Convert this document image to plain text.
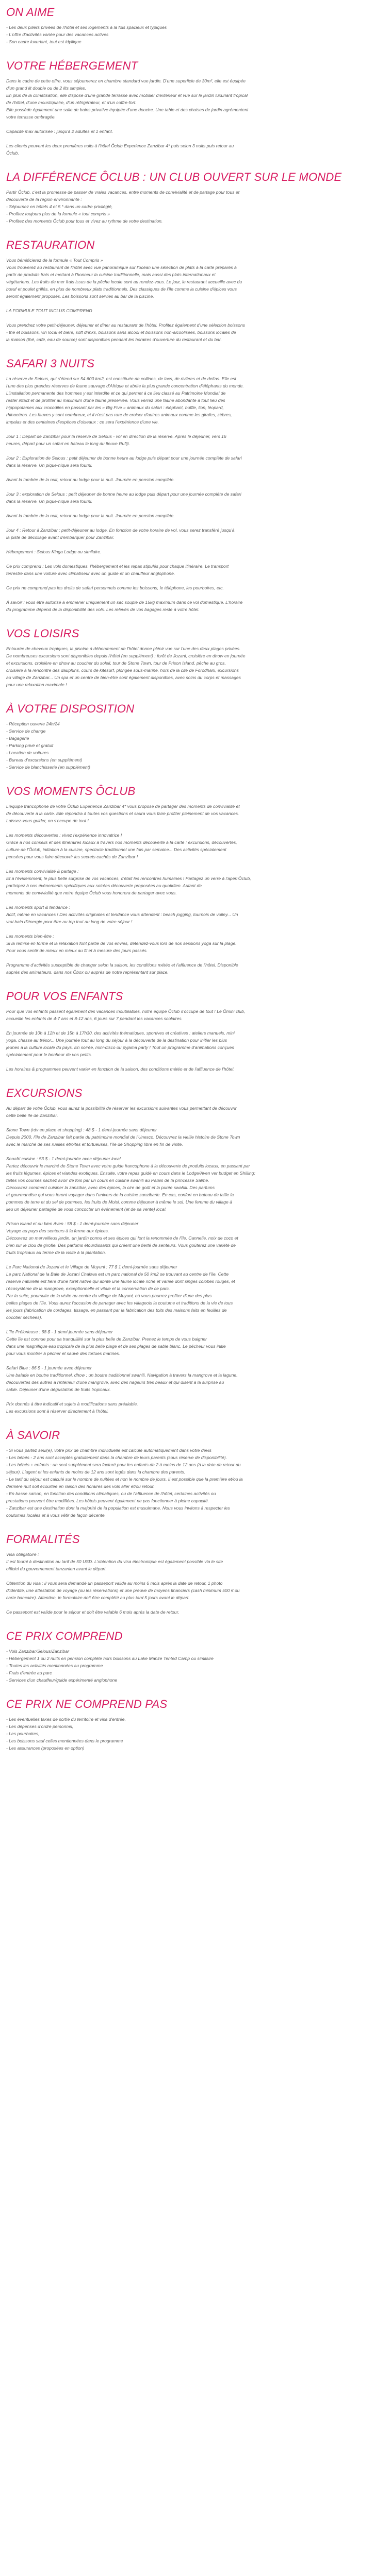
ON AIME

- Les deux piliers privées de l'hôtel et ses logements à la fois spacieux et typiques

- L'offre d'activités variée pour des vacances actives

- Son cadre luxuriant, tout est idyllique

VOTRE HÉBERGEMENT

Dans le cadre de cette offre, vous séjournerez en chambre standard vue jardin. D'une superficie de 30m², elle est équipée

d'un grand lit double ou de 2 lits simples.

En plus de la climatisation, elle dispose d'une grande terrasse avec mobilier d'extérieur et vue sur le jardin luxuriant tropical

de l'hôtel, d'une moustiquaire, d'un réfrigérateur, et d'un coffre-fort.

Elle possède également une salle de bains privative équipée d'une douche. Une table et des chaises de jardin agrémentent

votre terrasse ombragée.

Capacité max autorisée : jusqu'à 2 adultes et 1 enfant.

Les clients peuvent les deux premières nuits à l'hôtel Ôclub Experience Zanzibar 4* puis selon 3 nuits puis retour au

Ôclub.

LA DIFFÉRENCE ÔCLUB : UN CLUB OUVERT SUR LE MONDE

Partir Ôclub, c'est la promesse de passer de vraies vacances, entre moments de convivialité et de partage pour tous et

découverte de la région environnante :

- Séjournez en hôtels 4 et 5 * dans un cadre privilégié,

- Profitez toujours plus de la formule « tout compris »

- Profitez des moments Ôclub pour tous et vivez au rythme de votre destination.

RESTAURATION

Vous bénéficierez de la formule « Tout Compris »

Vous trouverez au restaurant de l'hôtel avec vue panoramique sur l'océan une sélection de plats à la carte préparés à

partir de produits frais et mettant à l'honneur la cuisine traditionnelle, mais aussi des plats internationaux et

végétariens. Les fruits de mer frais issus de la pêche locale sont au rendez-vous. Le jour, le restaurant accueille avec du

bœuf et poulet grillés, en plus de nombreux plats traditionnels. Des classiques de l'île comme la cuisine d'épices vous

seront également proposés. Les boissons sont servies au bar de la piscine.

LA FORMULE TOUT INCLUS COMPREND

Vous prendrez votre petit-déjeuner, déjeuner et dîner au restaurant de l'hôtel. Profitez également d'une sélection boissons

- thé et boissons, vin local et bière, soft drinks, boissons sans alcool et boissons non-alcoolisées, boissons locales de

la maison (thé, café, eau de source) sont disponibles pendant les horaires d'ouverture du restaurant et du bar.

SAFARI 3 NUITS

La réserve de Selous, qui s'étend sur 54 600 km2, est constituée de collines, de lacs, de rivières et de deltas. Elle est

l'une des plus grandes réserves de faune sauvage d'Afrique et abrite la plus grande concentration d'éléphants du monde.

L'installation permanente des hommes y est interdite et ce qui permet à ce lieu classé au Patrimoine Mondial de

rester intact et de profiter au maximum d'une faune préservée. Vous verrez une faune abondante à tout lieu des

hippopotames aux crocodiles en passant par les « Big Five » animaux du safari : éléphant, buffle, lion, léopard,

rhinocéros. Les fauves y sont nombreux, et il n'est pas rare de croiser d'autres animaux comme les girafes, zèbres,

impalas et des centaines d'espèces d'oiseaux : ce sera l'expérience d'une vie.

Jour 1 : Départ de Zanzibar pour la réserve de Selous - vol en direction de la réserve. Après le déjeuner, vers 16

heures, départ pour un safari en bateau le long du fleuve Rufiji.

Jour 2 : Exploration de Selous : petit déjeuner de bonne heure au lodge puis départ pour une journée complète de safari

dans la réserve. Un pique-nique sera fourni.

Avant la tombée de la nuit, retour au lodge pour la nuit. Journée en pension complète.

Jour 3 : exploration de Selous : petit déjeuner de bonne heure au lodge puis départ pour une journée complète de safari

dans la réserve. Un pique-nique sera fourni.

Avant la tombée de la nuit, retour au lodge pour la nuit. Journée en pension complète.

Jour 4 : Retour à Zanzibar : petit-déjeuner au lodge. En fonction de votre horaire de vol, vous serez transféré jusqu'à

la piste de décollage avant d'embarquer pour Zanzibar.

Hébergement : Selous Kinga Lodge ou similaire.

Ce prix comprend : Les vols domestiques, l'hébergement et les repas stipulés pour chaque itinéraire. Le transport

terrestre dans une voiture avec climatiseur avec un guide et un chauffeur anglophone.

Ce prix ne comprend pas les droits de safari personnels comme les boissons, le téléphone, les pourboires, etc.

À savoir : vous être autorisé à emmener uniquement un sac souple de 15kg maximum dans ce vol domestique. L'horaire

du programme dépend de la disponibilité des vols. Les relevés de vos bagages reste à votre hôtel.

VOS LOISIRS

Entourée de cheveux tropiques, la piscine à débordement de l'hôtel donne plénir vue sur l'une des deux plages privées.

De nombreuses excursions sont disponibles depuis l'hôtel (en supplément) : forêt de Jozani, croisière en dhow en journée

et excursions, croisière en dhow au coucher du soleil, tour de Stone Town, tour de Prison Island, pêche au gros,

croisière à la rencontre des dauphins, cours de kitesurf, plongée sous-marine, hors de la cité de Forodhani, excursions

au village de Zanzibar... Un spa et un centre de bien-être sont également disponibles, avec soins du corps et massages

pour une relaxation maximale !

À VOTRE DISPOSITION

- Réception ouverte 24h/24

- Service de change

- Bagagerie

- Parking privé et gratuit

- Location de voitures

- Bureau d'excursions (en supplément)

- Service de blanchisserie (en supplément)

VOS MOMENTS ÔCLUB

L'équipe francophone de votre Ôclub Experience Zanzibar 4* vous propose de partager des moments de convivialité et

de découverte à la carte. Elle répondra à toutes vos questions et saura vous faire profiter pleinement de vos vacances.

Laissez-vous guider, on s'occupe de tout !

Les moments découvertes : vivez l'expérience innovatrice !

Grâce à nos conseils et des itinéraires locaux à travers nos moments découverte à la carte : excursions, découvertes,

culture de l'Ôclub, initiation à la cuisine, spectacle traditionnel une fois par semaine... Des activités spécialement

pensées pour vous faire découvrir les secrets cachés de Zanzibar !

Les moments convivialité & partage :

Et à l'évidemment, le plus belle surprise de vos vacances, c'était les rencontres humaines ! Partagez un verre à l'apéri'Ôclub,

participez à nos événements spécifiques aux soirées découverte proposées au quotidien. Autant de

moments de convivialité que notre équipe Ôclub vous honorera de partager avec vous.

Les moments sport & tendance :

Actif, même en vacances ! Des activités originales et tendance vous attendent : beach jogging, tournois de volley... Un

vrai bain d'énergie pour être au top tout au long de votre séjour !

Les moments bien-être :

Si la remise en forme et la relaxation font partie de vos envies, détendez-vous lors de nos sessions yoga sur la plage.

Pour vous sentir de mieux en mieux au fil et à mesure des jours passés.

Programme d'activités susceptible de changer selon la saison, les conditions météo et l'affluence de l'hôtel. Disponible

auprès des animateurs, dans nos Ôbox ou auprès de notre représentant sur place.

POUR VOS ENFANTS

Pour que vos enfants passent également des vacances inoubliables, notre équipe Ôclub s'occupe de tout ! Le Ômini club,

accueille les enfants de 4-7 ans et 8-12 ans, 6 jours sur 7 pendant les vacances scolaires.

En journée de 10h à 12h et de 15h à 17h30, des activités thématiques, sportives et créatives : ateliers manuels, mini

yoga, chasse au trésor... Une journée tout au long du séjour à la découverte de la destination pour initier les plus

jeunes à la culture locale du pays. En soirée, mini-disco ou pyjama party ! Tout un programme d'animations conçues

spécialement pour le bonheur de vos petits.

Les horaires & programmes peuvent varier en fonction de la saison, des conditions météo et de l'affluence de l'hôtel.

EXCURSIONS

Au départ de votre Ôclub, vous aurez la possibilité de réserver les excursions suivantes vous permettant de découvrir

cette belle île de Zanzibar.

Stone Town (rdv en place et shopping) : 48 $ - 1 demi-journée sans déjeuner

Depuis 2000, l'île de Zanzibar fait partie du patrimoine mondial de l'Unesco. Découvrez la vieille histoire de Stone Town

avec le marché de ses ruelles étroites et tortueuses, l'île de Shopping libre en fin de visite.

Seaafri cuisine : 53 $ - 1 demi-journée avec déjeuner local

Partez découvrir le marché de Stone Town avec votre guide francophone à la découverte de produits locaux, en passant par

les fruits légumes, épices et viandes exotiques. Ensuite, votre repas guidé en cours dans le Lodge/Aven ver budget en Shilling;

faites vos courses sachez avoir de fois par un cours en cuisine swahili au Palais de la princesse Salme.

Découvrez comment cuisiner la zanzibar, avec des épices, la cire de goût et la purée swahili. Des parfums

et gourmandise qui vous feront voyager dans l'univers de la cuisine zanzibarie. En cas, confort en bateau de taille la

pommes de terre et du sel de pommes, les fruits de Moisi, comme déjeuner à même le sol. Une femme du village à

lieu un déjeuner partagée de vous concocter un événement (et de sa vente) local.

Prison island et ou bien Aven : 58 $ - 1 demi-journée sans déjeuner

Voyage au pays des senteurs à la ferme aux épices.

Découvrez un merveilleux jardin, un jardin connu et ses épices qui font la renommée de l'île. Cannelle, noix de coco et

bien sur le clou de girofle. Des parfums étourdissants qui créent une fierté de senteurs. Vous goûterez une variété de

fruits tropicaux au terme de la visite à la plantation.

Le Parc National de Jozani et le Village de Muyuni : 77 $ 1 demi-journée sans déjeuner

Le parc National de la Baie de Jozani Chakwa est un parc national de 50 km2 se trouvant au centre de l'île. Cette

réserve naturelle est fière d'une forêt native qui abrite une faune locale riche et variée dont singes colobes rouges, et

l'écosystème de la mangrove, exceptionnelle et vitale et la conservation de ce parc.

Par la suite, poursuite de la visite au centre du village de Muyuni, où vous pourrez profiter d'une des plus

belles plages de l'île. Vous aurez l'occasion de partager avec les villageois la coutume et traditions de la vie de tous

les jours (fabrication de cordages, tissage, en passant par la fabrication des toits des maisons faits en feuilles de

cocotier séchées).

L'île Prélorieuse : 68 $ - 1 demi-journée sans déjeuner

Cette île est connue pour sa tranquillité sur la plus belle de Zanzibar. Prenez le temps de vous baigner

dans une magnifique eau tropicale de la plus belle plage et de ses plages de sable blanc. Le pêcheur vous initie

pour vous montrer à pêcher et sauvé des tortues marines.

Safari Blue : 86 $ - 1 journée avec déjeuner

Une balade en boutre traditionnel, dhow ; un boutre traditionnel swahili. Navigation à travers la mangrove et la lagune,

découvertes des autres à l'intérieur d'une mangrove, avec des nageurs très beaux et qui disent à la surprise au

sable. Déjeuner d'une dégustation de fruits tropicaux.

Prix donnés à titre indicatif et sujets à modifications sans préalable.

Les excursions sont à réserver directement à l'hôtel.

À SAVOIR

- Si vous partez seul(e), votre prix de chambre individuelle est calculé automatiquement dans votre devis

- Les bébés - 2 ans sont acceptés gratuitement dans la chambre de leurs parents (sous réserve de disponibilité).

- Les bébés + enfants : un seul supplément sera facturé pour les enfants de 2 à moins de 12 ans (à la date de retour du

séjour). L'agent et les enfants de moins de 12 ans sont logés dans la chambre des parents.

- Le tarif du séjour est calculé sur le nombre de nuitées et non le nombre de jours. Il est possible que la première et/ou la

dernière nuit soit écourtée en raison des horaires des vols aller et/ou retour.

- En basse saison, en fonction des conditions climatiques, ou de l'affluence de l'hôtel, certaines activités ou

prestations peuvent être modifiées. Les hôtels peuvent également ne pas fonctionner à pleine capacité.

- Zanzibar est une destination dont la majorité de la population est musulmane. Nous vous invitons à respecter les

coutumes locales et à vous vêtir de façon décente.

FORMALITÉS

Visa obligatoire :

Il est fourni à destination au tarif de 50 USD. L'obtention du visa électronique est également possible via le site

officiel du gouvernement tanzanien avant le départ.

Obtention du visa : il vous sera demandé un passeport valide au moins 6 mois après la date de retour, 1 photo

d'identité, une attestation de voyage (ou les réservations) et une preuve de moyens financiers (cash minimum 500 € ou

carte bancaire). Attention, le formulaire doit être complété au plus tard 5 jours avant le départ.

Ce passeport est valide pour le séjour et doit être valable 6 mois après la date de retour.

CE PRIX COMPREND

- Vols Zanzibar/Selous/Zanzibar

- Hébergement 1 ou 2 nuits en pension complète hors boissons au Lake Manze Tented Camp ou similaire

- Toutes les activités mentionnées au programme

- Frais d'entrée au parc

- Services d'un chauffeur/guide expérimenté anglophone

CE PRIX NE COMPREND PAS

- Les éventuelles taxes de sortie du territoire et visa d'entrée,

- Les dépenses d'ordre personnel,

- Les pourboires,

- Les boissons sauf celles mentionnées dans le programme

- Les assurances (proposées en option)
